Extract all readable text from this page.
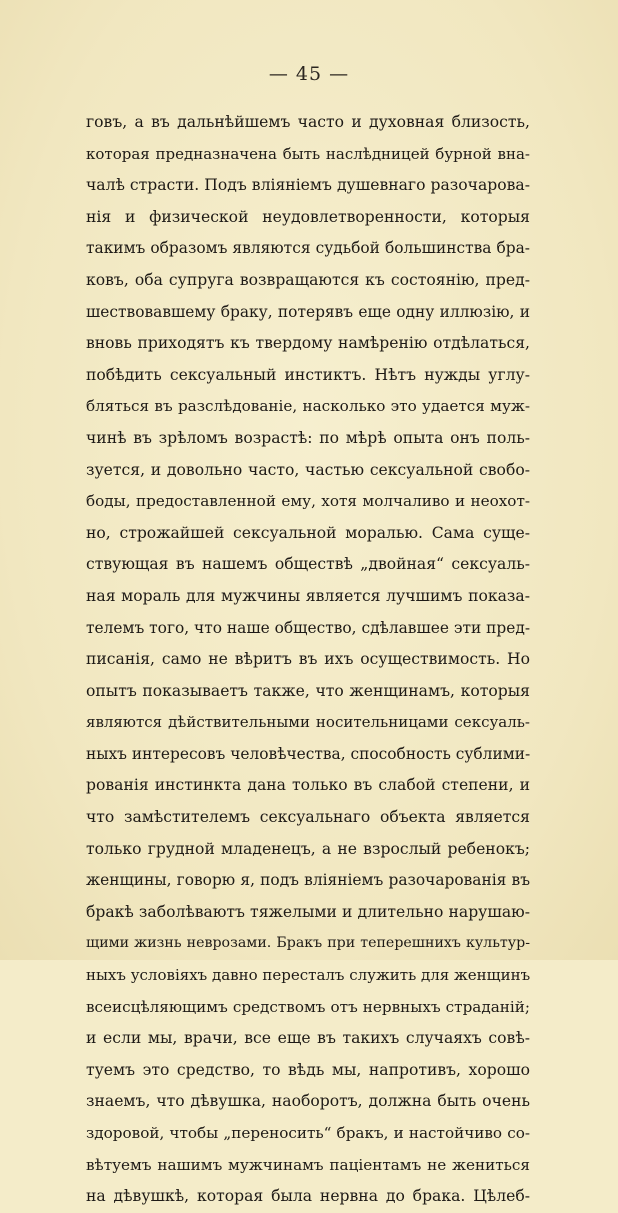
— 45 —
говъ, а въ дальнѣйшемъ часто и духовная близость,
которая предназначена быть наслѣдницей бурной вна-
чалѣ страсти. Подъ вліяніемъ душевнаго разочарова-
нія и физической неудовлетворенности, которыя
такимъ образомъ являются судьбой большинства бра-
ковъ, оба супруга возвращаются къ состоянію, пред-
шествовавшему браку, потерявъ еще одну иллюзію, и
вновь приходятъ къ твердому намѣренію отдѣлаться,
побѣдить сексуальный инстиктъ. Нѣтъ нужды углу-
бляться въ разслѣдованіе, насколько это удается муж-
чинѣ въ зрѣломъ возрастѣ: по мѣрѣ опыта онъ поль-
зуется, и довольно часто, частью сексуальной свобо-
боды, предоставленной ему, хотя молчаливо и неохот-
но, строжайшей сексуальной моралью. Сама суще-
ствующая въ нашемъ обществѣ „двойная“ сексуаль-
ная мораль для мужчины является лучшимъ показа-
телемъ того, что наше общество, сдѣлавшее эти пред-
писанія, само не вѣритъ въ ихъ осуществимость. Но
опытъ показываетъ также, что женщинамъ, которыя
являются дѣйствительными носительницами сексуаль-
ныхъ интересовъ человѣчества, способность сублими-
рованія инстинкта дана только въ слабой степени, и
что замѣстителемъ сексуальнаго объекта является
только грудной младенецъ, а не взрослый ребенокъ;
женщины, говорю я, подъ вліяніемъ разочарованія въ
бракѣ заболѣваютъ тяжелыми и длительно нарушаю-
щими жизнь неврозами. Бракъ при теперешнихъ культур-
ныхъ условіяхъ давно пересталъ служить для женщинъ
всеисцѣляющимъ средствомъ отъ нервныхъ страданій;
и если мы, врачи, все еще въ такихъ случаяхъ совѣ-
туемъ это средство, то вѣдь мы, напротивъ, хорошо
знаемъ, что дѣвушка, наоборотъ, должна быть очень
здоровой, чтобы „переносить“ бракъ, и настойчиво со-
вѣтуемъ нашимъ мужчинамъ пацiентамъ не жениться
на дѣвушкѣ, которая была нервна до брака. Цѣлеб-
